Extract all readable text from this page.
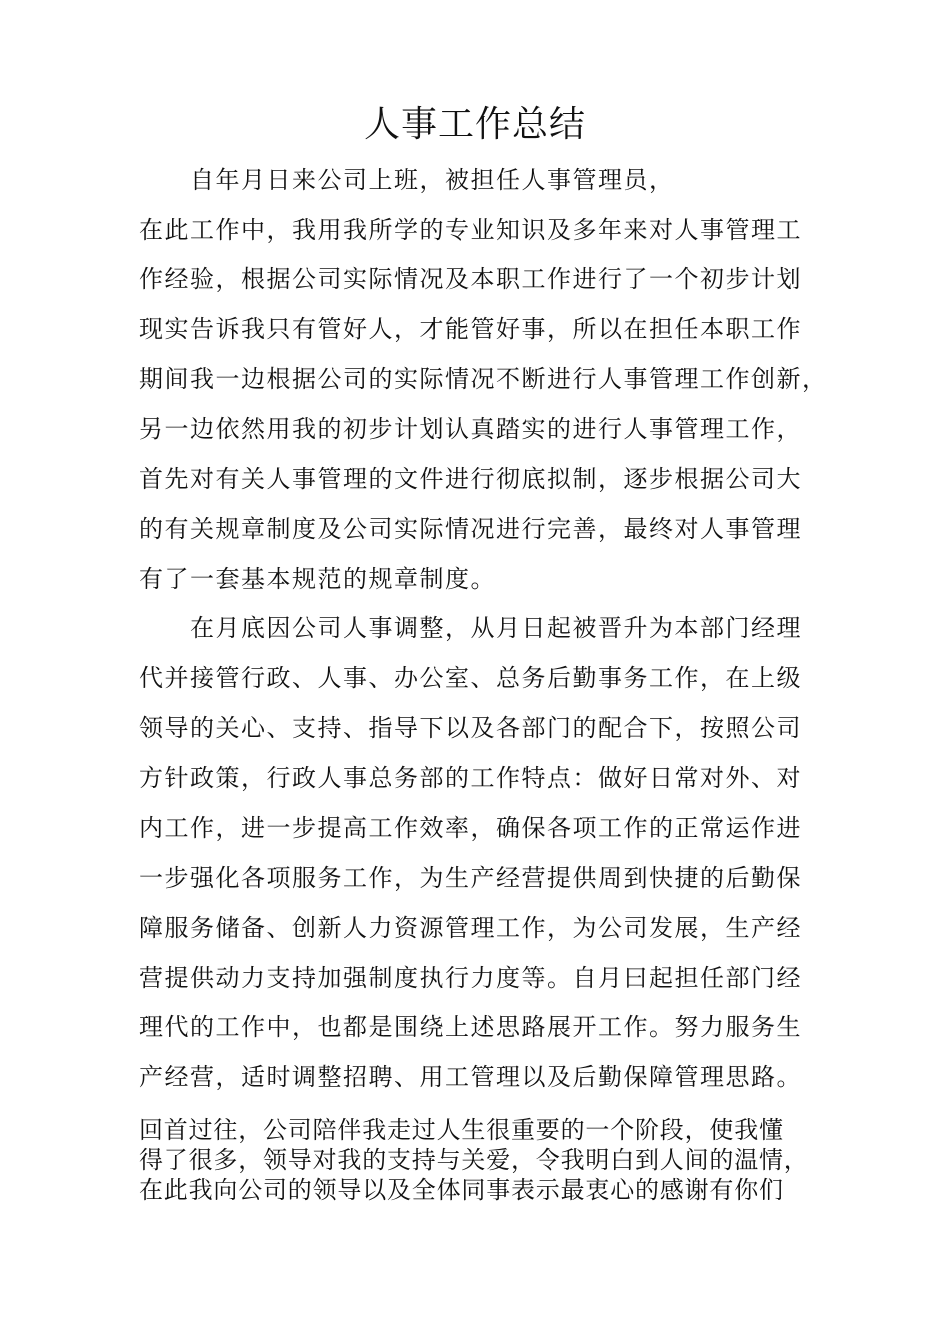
人事工作总结
自年月日来公司上班，被担任人事管理员，
在此工作中，我用我所学的专业知识及多年来对人事管理工
作经验，根据公司实际情况及本职工作进行了一个初步计划
现实告诉我只有管好人，才能管好事，所以在担任本职工作
期间我一边根据公司的实际情况不断进行人事管理工作创新，
另一边依然用我的初步计划认真踏实的进行人事管理工作，
首先对有关人事管理的文件进行彻底拟制，逐步根据公司大
的有关规章制度及公司实际情况进行完善，最终对人事管理
有了一套基本规范的规章制度。
在月底因公司人事调整，从月日起被晋升为本部门经理
代并接管行政、人事、办公室、总务后勤事务工作，在上级
领导的关心、支持、指导下以及各部门的配合下，按照公司
方针政策，行政人事总务部的工作特点：做好日常对外、对
内工作，进一步提高工作效率，确保各项工作的正常运作进
一步强化各项服务工作，为生产经营提供周到快捷的后勤保
障服务储备、创新人力资源管理工作，为公司发展，生产经
营提供动力支持加强制度执行力度等。自月曰起担任部门经
理代的工作中，也都是围绕上述思路展开工作。努力服务生
产经营，适时调整招聘、用工管理以及后勤保障管理思路。
回首过往，公司陪伴我走过人生很重要的一个阶段，使我懂
得了很多，领导对我的支持与关爱，令我明白到人间的温情，
在此我向公司的领导以及全体同事表示最衷心的感谢有你们
